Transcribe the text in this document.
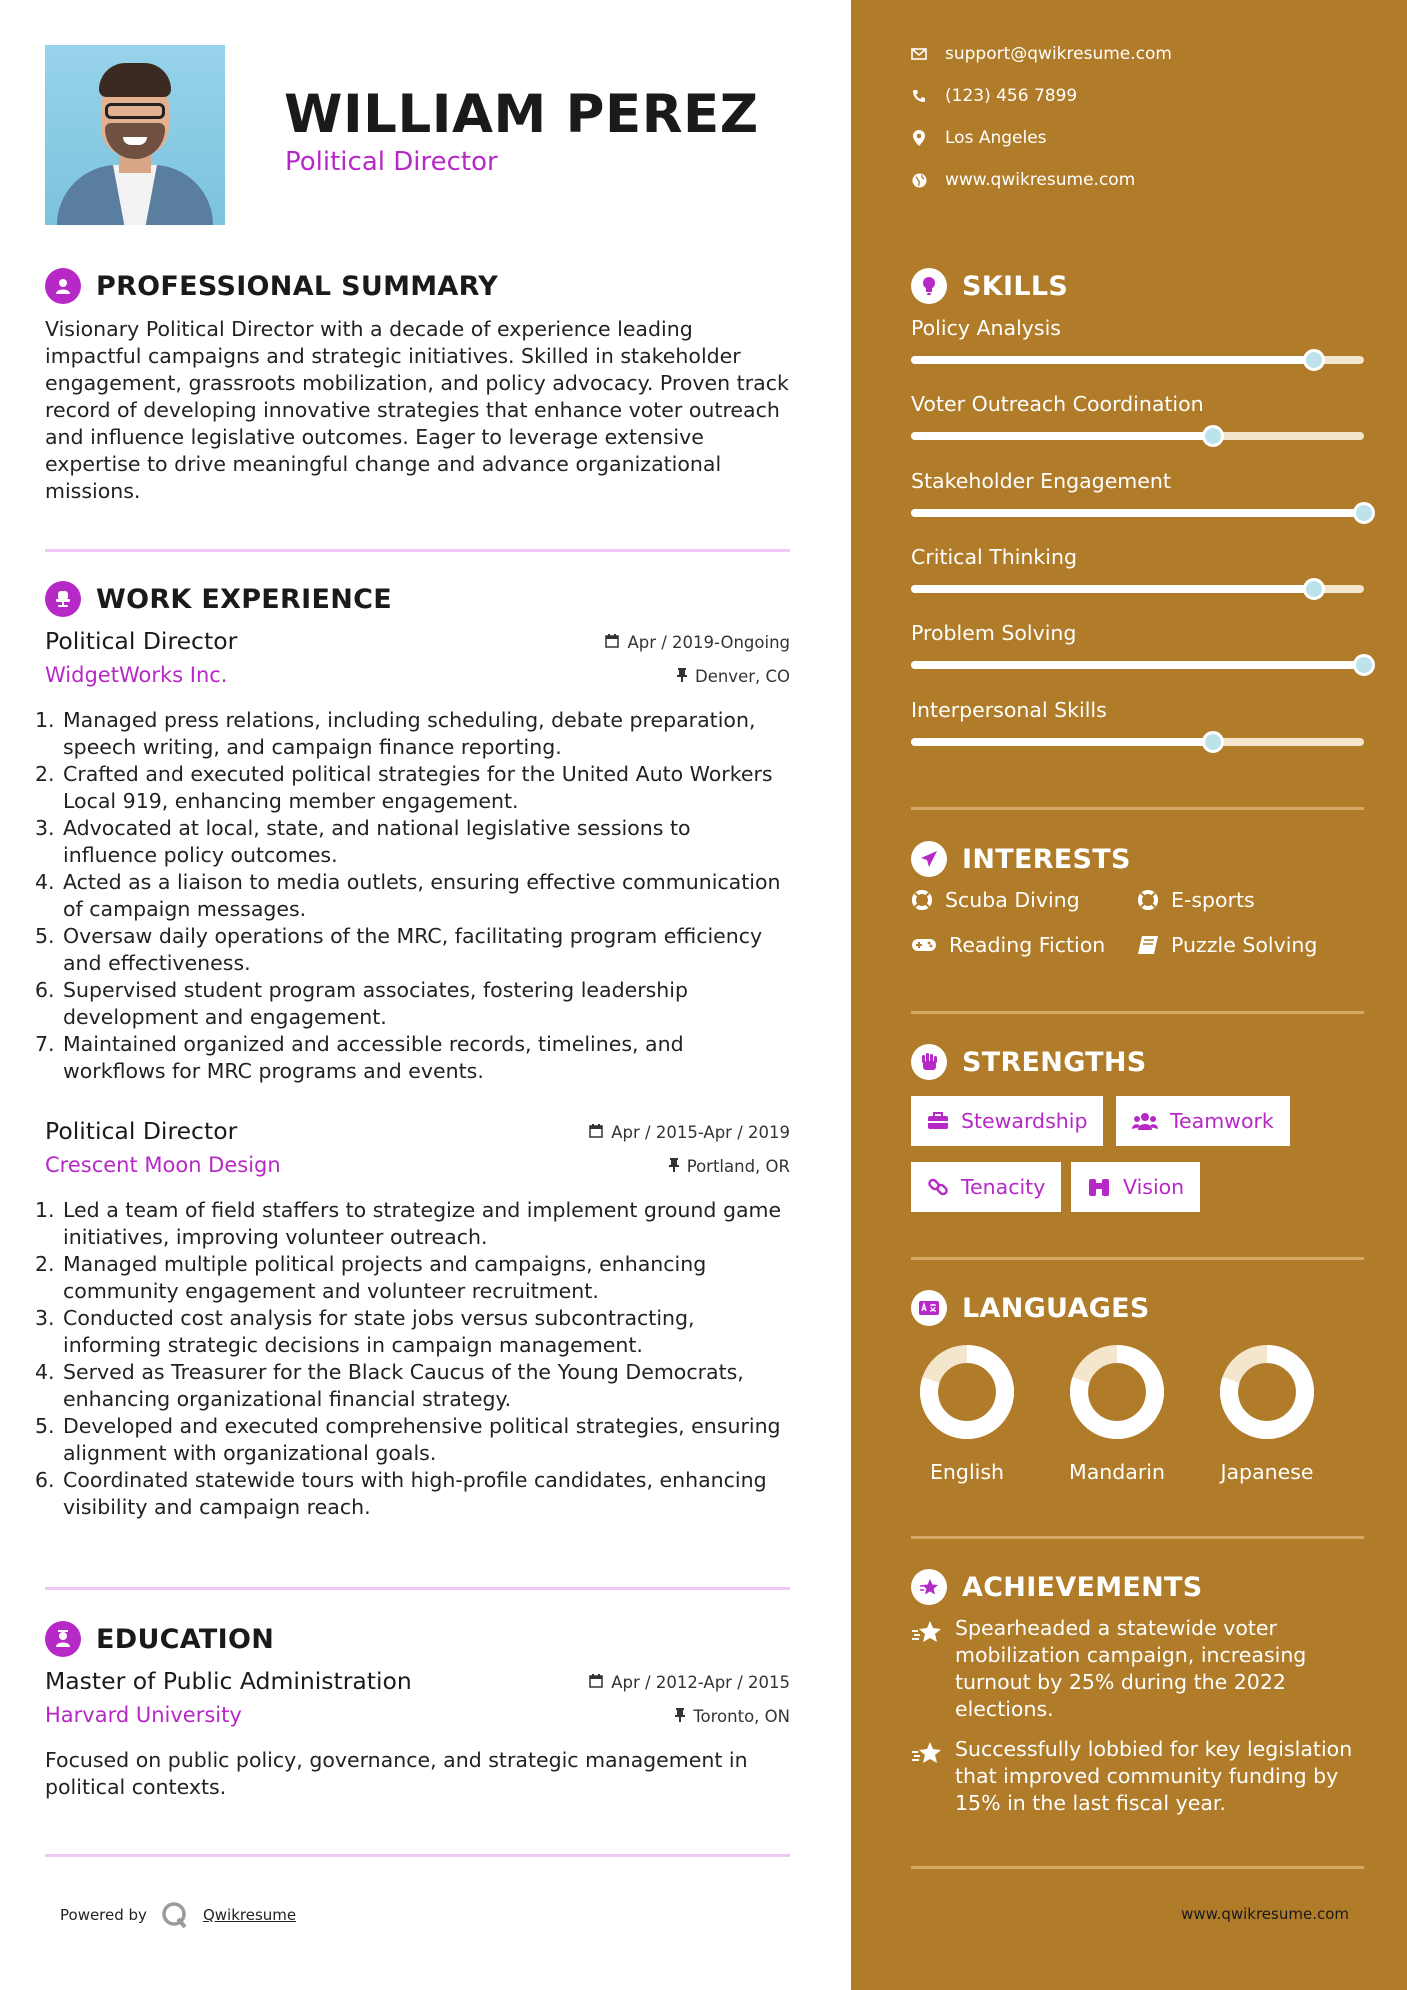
WILLIAM PEREZ
Political Director
PROFESSIONAL SUMMARY
Visionary Political Director with a decade of experience leading impactful campaigns and strategic initiatives. Skilled in stakeholder engagement, grassroots mobilization, and policy advocacy. Proven track record of developing innovative strategies that enhance voter outreach and influence legislative outcomes. Eager to leverage extensive expertise to drive meaningful change and advance organizational missions.
WORK EXPERIENCE
Political Director	Apr / 2019-Ongoing
WidgetWorks Inc.	Denver, CO
1. Managed press relations, including scheduling, debate preparation, speech writing, and campaign finance reporting.
2. Crafted and executed political strategies for the United Auto Workers Local 919, enhancing member engagement.
3. Advocated at local, state, and national legislative sessions to influence policy outcomes.
4. Acted as a liaison to media outlets, ensuring effective communication of campaign messages.
5. Oversaw daily operations of the MRC, facilitating program efficiency and effectiveness.
6. Supervised student program associates, fostering leadership development and engagement.
7. Maintained organized and accessible records, timelines, and workflows for MRC programs and events.
Political Director	Apr / 2015-Apr / 2019
Crescent Moon Design	Portland, OR
1. Led a team of field staffers to strategize and implement ground game initiatives, improving volunteer outreach.
2. Managed multiple political projects and campaigns, enhancing community engagement and volunteer recruitment.
3. Conducted cost analysis for state jobs versus subcontracting, informing strategic decisions in campaign management.
4. Served as Treasurer for the Black Caucus of the Young Democrats, enhancing organizational financial strategy.
5. Developed and executed comprehensive political strategies, ensuring alignment with organizational goals.
6. Coordinated statewide tours with high-profile candidates, enhancing visibility and campaign reach.
EDUCATION
Master of Public Administration	Apr / 2012-Apr / 2015
Harvard University	Toronto, ON
Focused on public policy, governance, and strategic management in political contexts.
Powered by	Qwikresume
support@qwikresume.com
(123) 456 7899
Los Angeles
www.qwikresume.com
SKILLS
Policy Analysis
Voter Outreach Coordination
Stakeholder Engagement
Critical Thinking
Problem Solving
Interpersonal Skills
INTERESTS
Scuba Diving	E-sports
Reading Fiction	Puzzle Solving
STRENGTHS
Stewardship	Teamwork
Tenacity	Vision
LANGUAGES
English	Mandarin	Japanese
ACHIEVEMENTS
Spearheaded a statewide voter mobilization campaign, increasing turnout by 25% during the 2022 elections.
Successfully lobbied for key legislation that improved community funding by 15% in the last fiscal year.
www.qwikresume.com
